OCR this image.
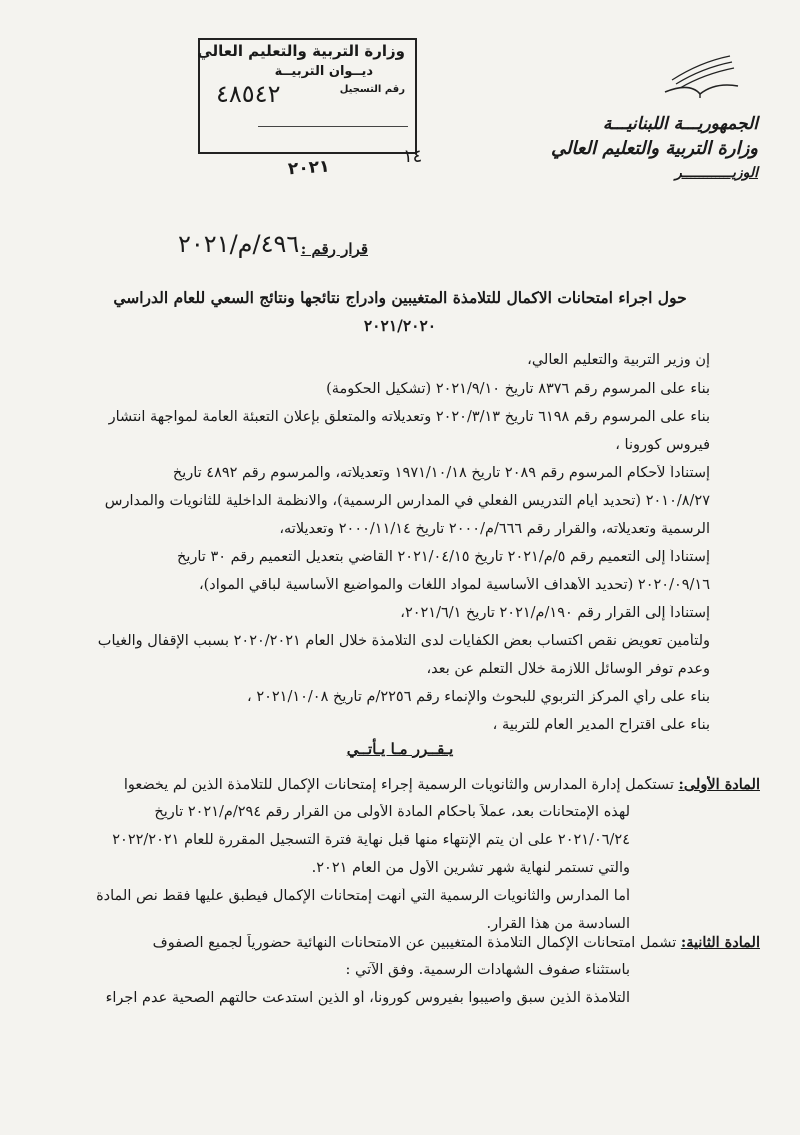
وزارة التربية والتعليم العالي
ديــوان التربيــة
رقم التسجيل
٤٨٥٤٢
١٤
٢٠٢١
الجمهوريـــة اللبنانيـــة
وزارة التربية والتعليم العالي
الوزيــــــــــــر
قرار رقم :
٤٩٦/م/٢٠٢١
حول اجراء امتحانات الاكمال للتلامذة المتغيبين وادراج نتائجها ونتائج السعي للعام الدراسي
٢٠٢١/٢٠٢٠
إن وزير التربية والتعليم العالي،
بناء على المرسوم رقم ٨٣٧٦ تاريخ ٢٠٢١/٩/١٠ (تشكيل الحكومة)
بناء على المرسوم رقم ٦١٩٨ تاريخ ٢٠٢٠/٣/١٣ وتعديلاته والمتعلق بإعلان التعبئة العامة لمواجهة انتشار
فيروس كورونا ،
إستناداً لأحكام المرسوم رقم ٢٠٨٩ تاريخ ١٩٧١/١٠/١٨ وتعديلاته، والمرسوم رقم ٤٨٩٢ تاريخ
٢٠١٠/٨/٢٧ (تحديد أيام التدريس الفعلي في المدارس الرسمية)، والانظمة الداخلية للثانويات والمدارس
الرسمية وتعديلاته، والقرار رقم ٦٦٦/م/٢٠٠٠ تاريخ ٢٠٠٠/١١/١٤ وتعديلاته،
إستناداً إلى التعميم رقم ٥/م/٢٠٢١ تاريخ ٢٠٢١/٠٤/١٥ القاضي بتعديل التعميم رقم ٣٠ تاريخ
٢٠٢٠/٠٩/١٦ (تحديد الأهداف الأساسية لمواد اللغات والمواضيع الأساسية لباقي المواد)،
إستناداً إلى القرار رقم ١٩٠/م/٢٠٢١ تاريخ ٢٠٢١/٦/١،
ولتأمين تعويض نقص اكتساب بعض الكفايات لدى التلامذة خلال العام ٢٠٢٠/٢٠٢١ بسبب الإقفال والغياب
وعدم توفر الوسائل اللازمة خلال التعلم عن بعد،
بناء على رأي المركز التربوي للبحوث والإنماء رقم ٢٢٥٦/م تاريخ ٢٠٢١/١٠/٠٨ ،
بناء على اقتراح المدير العام للتربية ،
يـقــرر مـا يـأتــي
المادة الأولى: تستكمل إدارة المدارس والثانويات الرسمية إجراء إمتحانات الإكمال للتلامذة الذين لم يخضعوا
لهذه الإمتحانات بعد، عملاً بأحكام المادة الأولى من القرار رقم ٢٩٤/م/٢٠٢١ تاريخ
٢٠٢١/٠٦/٢٤ على أن يتم الإنتهاء منها قبل نهاية فترة التسجيل المقررة للعام ٢٠٢٢/٢٠٢١
والتي تستمر لنهاية شهر تشرين الأول من العام ٢٠٢١.
أما المدارس والثانويات الرسمية التي أنهت إمتحانات الإكمال فيطبق عليها فقط نص المادة
السادسة من هذا القرار.
المادة الثانية: تشمل امتحانات الإكمال التلامذة المتغيبين عن الامتحانات النهائية حضورياً لجميع الصفوف
باستثناء صفوف الشهادات الرسمية. وفق الآتي :
التلامذة الذين سبق واصيبوا بفيروس كورونا، أو الذين استدعت حالتهم الصحية عدم اجراء
